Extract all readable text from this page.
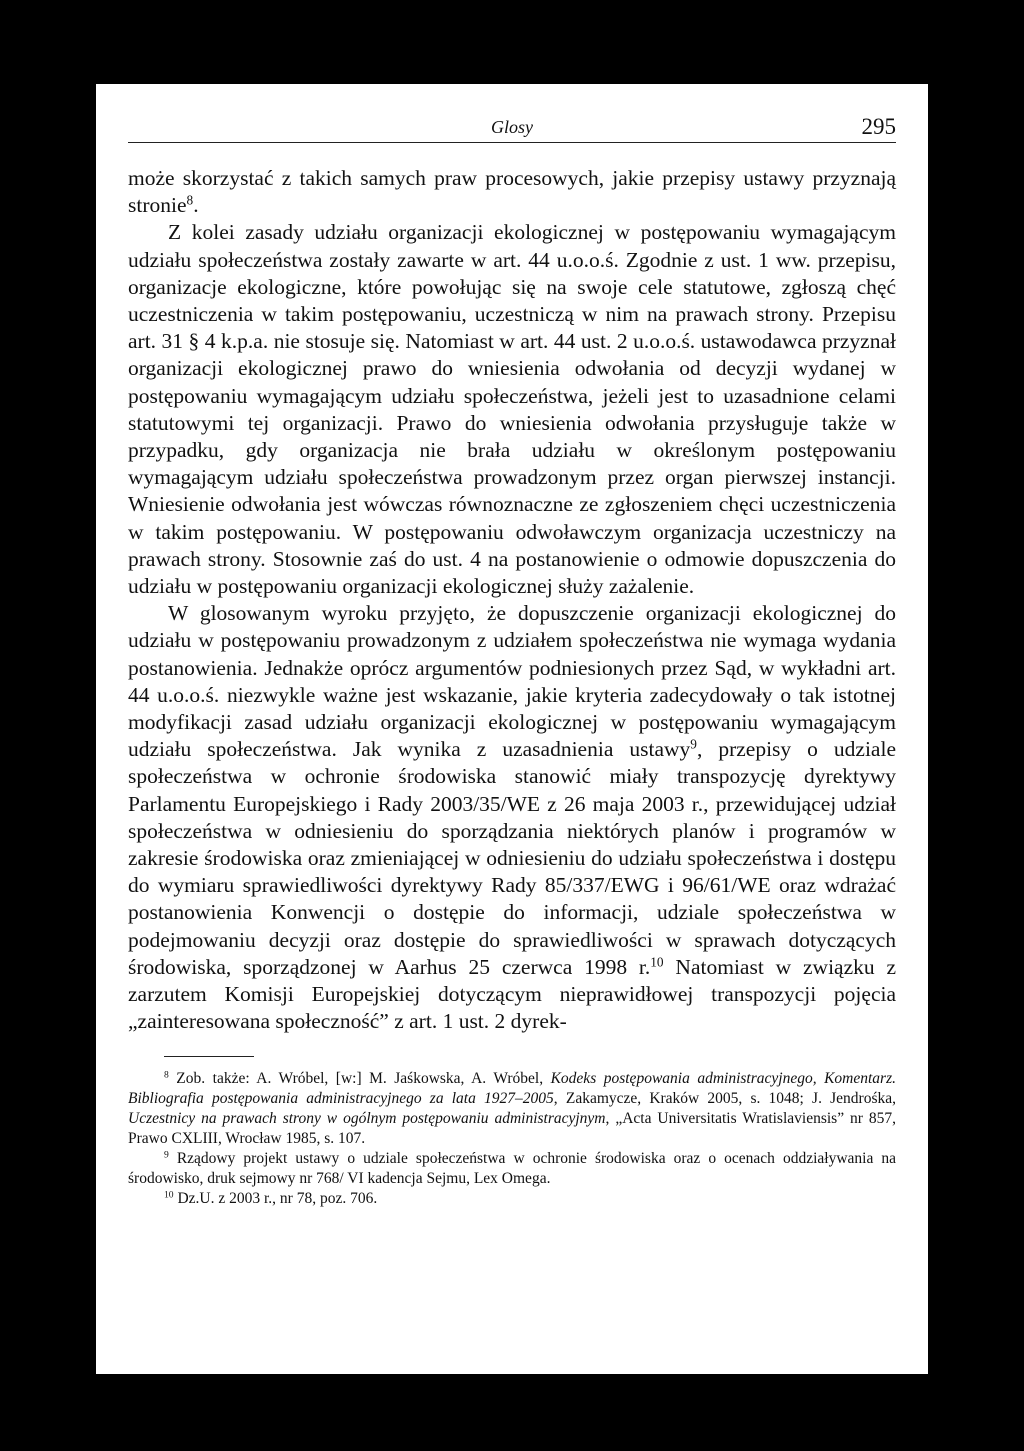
Glosy	295

może skorzystać z takich samych praw procesowych, jakie przepisy ustawy przyznają stronie$^8$.

Z kolei zasady udziału organizacji ekologicznej w postępowaniu wymagającym udziału społeczeństwa zostały zawarte w art. 44 u.o.o.ś. Zgodnie z ust. 1 ww. przepisu, organizacje ekologiczne, które powołując się na swoje cele statutowe, zgłoszą chęć uczestniczenia w takim postępowaniu, uczestniczą w nim na prawach strony. Przepisu art. 31 § 4 k.p.a. nie stosuje się. Natomiast w art. 44 ust. 2 u.o.o.ś. ustawodawca przyznał organizacji ekologicznej prawo do wniesienia odwołania od decyzji wydanej w postępowaniu wymagającym udziału społeczeństwa, jeżeli jest to uzasadnione celami statutowymi tej organizacji. Prawo do wniesienia odwołania przysługuje także w przypadku, gdy organizacja nie brała udziału w określonym postępowaniu wymagającym udziału społeczeństwa prowadzonym przez organ pierwszej instancji. Wniesienie odwołania jest wówczas równoznaczne ze zgłoszeniem chęci uczestniczenia w takim postępowaniu. W postępowaniu odwoławczym organizacja uczestniczy na prawach strony. Stosownie zaś do ust. 4 na postanowienie o odmowie dopuszczenia do udziału w postępowaniu organizacji ekologicznej służy zażalenie.

W glosowanym wyroku przyjęto, że dopuszczenie organizacji ekologicznej do udziału w postępowaniu prowadzonym z udziałem społeczeństwa nie wymaga wydania postanowienia. Jednakże oprócz argumentów podniesionych przez Sąd, w wykładni art. 44 u.o.o.ś. niezwykle ważne jest wskazanie, jakie kryteria zadecydowały o tak istotnej modyfikacji zasad udziału organizacji ekologicznej w postępowaniu wymagającym udziału społeczeństwa. Jak wynika z uzasadnienia ustawy$^9$, przepisy o udziale społeczeństwa w ochronie środowiska stanowić miały transpozycję dyrektywy Parlamentu Europejskiego i Rady 2003/35/WE z 26 maja 2003 r., przewidującej udział społeczeństwa w odniesieniu do sporządzania niektórych planów i programów w zakresie środowiska oraz zmieniającej w odniesieniu do udziału społeczeństwa i dostępu do wymiaru sprawiedliwości dyrektywy Rady 85/337/EWG i 96/61/WE oraz wdrażać postanowienia Konwencji o dostępie do informacji, udziale społeczeństwa w podejmowaniu decyzji oraz dostępie do sprawiedliwości w sprawach dotyczących środowiska, sporządzonej w Aarhus 25 czerwca 1998 r.$^{10}$ Natomiast w związku z zarzutem Komisji Europejskiej dotyczącym nieprawidłowej transpozycji pojęcia „zainteresowana społeczność” z art. 1 ust. 2 dyrek-

$^8$ Zob. także: A. Wróbel, [w:] M. Jaśkowska, A. Wróbel, Kodeks postępowania administracyjnego, Komentarz. Bibliografia postępowania administracyjnego za lata 1927–2005, Zakamycze, Kraków 2005, s. 1048; J. Jendrośka, Uczestnicy na prawach strony w ogólnym postępowaniu administracyjnym, „Acta Universitatis Wratislaviensis” nr 857, Prawo CXLIII, Wrocław 1985, s. 107.

$^9$ Rządowy projekt ustawy o udziale społeczeństwa w ochronie środowiska oraz o ocenach oddziaływania na środowisko, druk sejmowy nr 768/ VI kadencja Sejmu, Lex Omega.

$^{10}$ Dz.U. z 2003 r., nr 78, poz. 706.
